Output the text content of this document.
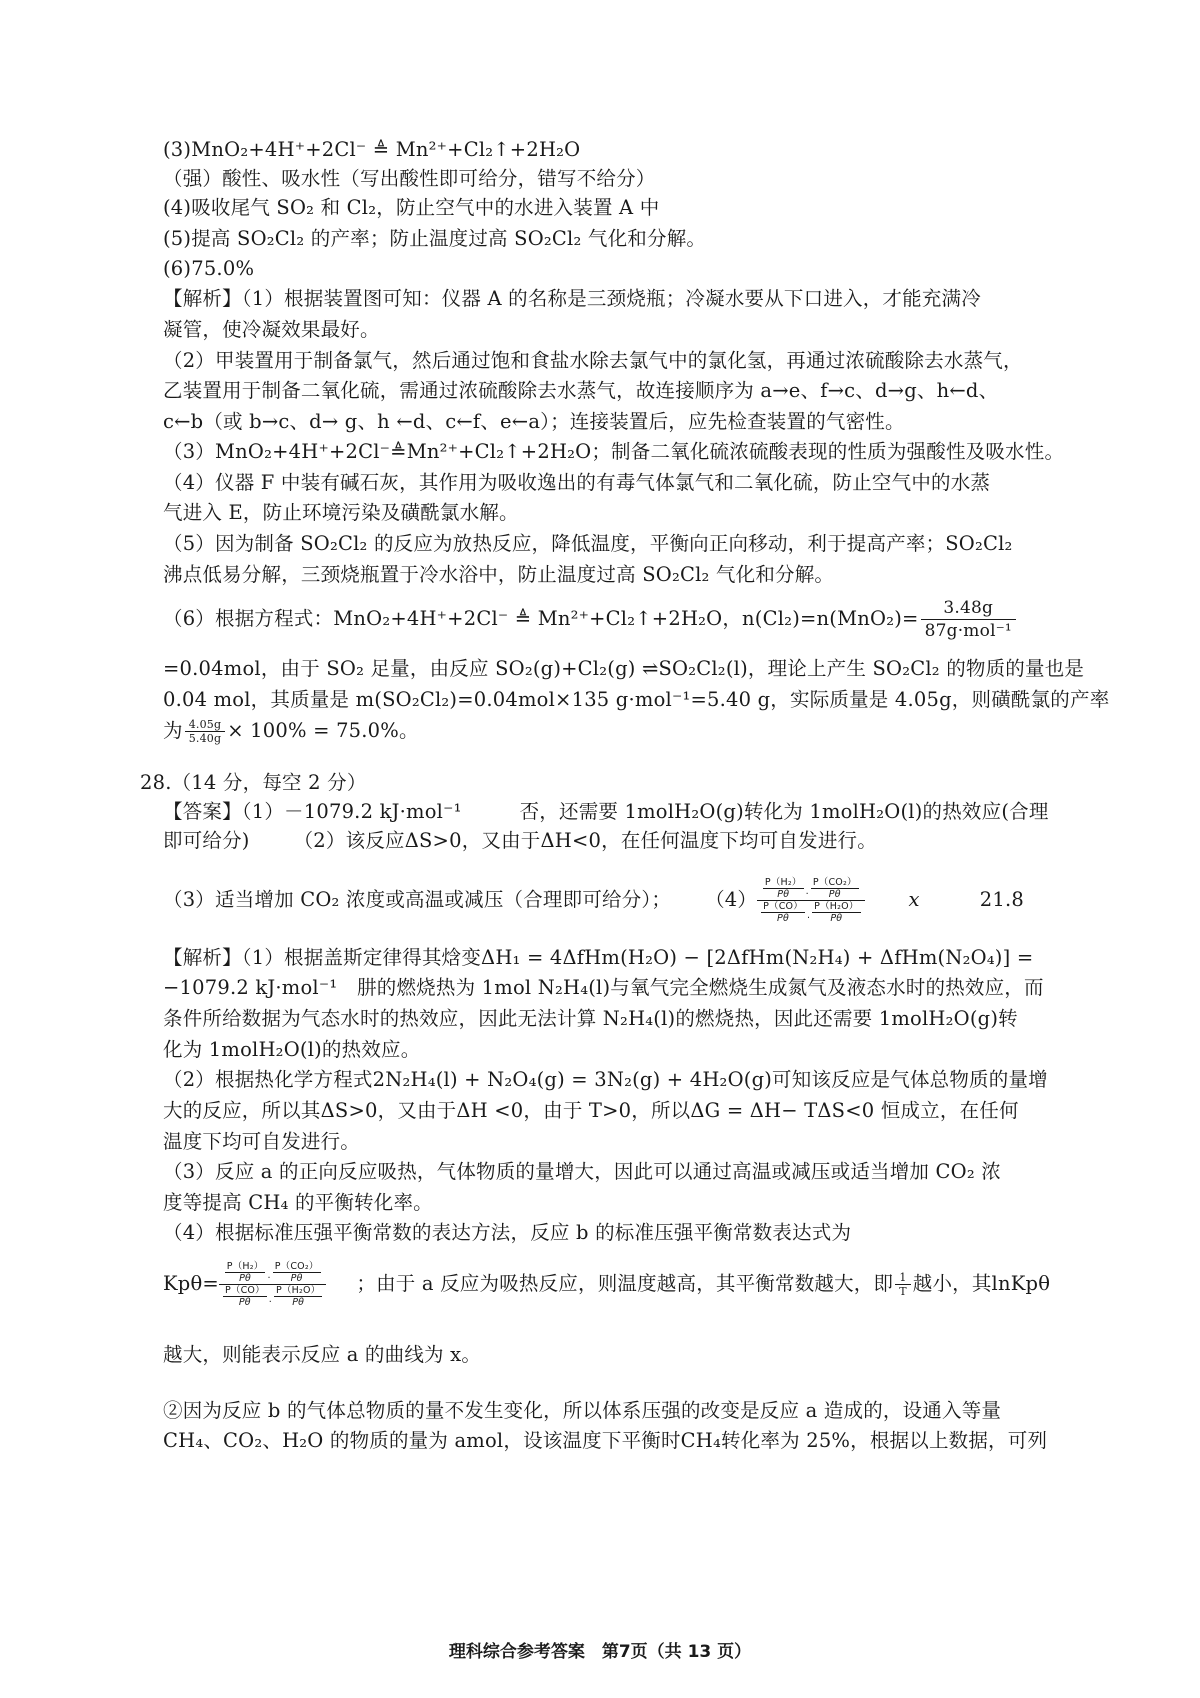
(3)MnO₂+4H⁺+2Cl⁻ ≜ Mn²⁺+Cl₂↑+2H₂O
（强）酸性、吸水性（写出酸性即可给分，错写不给分）
(4)吸收尾气 SO₂ 和 Cl₂，防止空气中的水进入装置 A 中
(5)提高 SO₂Cl₂ 的产率；防止温度过高 SO₂Cl₂ 气化和分解。
(6)75.0%
【解析】（1）根据装置图可知：仪器 A 的名称是三颈烧瓶；冷凝水要从下口进入，才能充满冷
凝管，使冷凝效果最好。
（2）甲装置用于制备氯气，然后通过饱和食盐水除去氯气中的氯化氢，再通过浓硫酸除去水蒸气，
乙装置用于制备二氧化硫，需通过浓硫酸除去水蒸气，故连接顺序为 a→e、f→c、d→g、h←d、
c←b（或 b→c、d→ g、h ←d、c←f、e←a）；连接装置后，应先检查装置的气密性。
（3）MnO₂+4H⁺+2Cl⁻≜Mn²⁺+Cl₂↑+2H₂O；制备二氧化硫浓硫酸表现的性质为强酸性及吸水性。
（4）仪器 F 中装有碱石灰，其作用为吸收逸出的有毒气体氯气和二氧化硫，防止空气中的水蒸
气进入 E，防止环境污染及磺酰氯水解。
（5）因为制备 SO₂Cl₂ 的反应为放热反应，降低温度，平衡向正向移动，利于提高产率；SO₂Cl₂
沸点低易分解，三颈烧瓶置于冷水浴中，防止温度过高 SO₂Cl₂ 气化和分解。
（6）根据方程式：MnO₂+4H⁺+2Cl⁻ ≜ Mn²⁺+Cl₂↑+2H₂O，$n(Cl_2)=n(MnO_2)= \frac{3.48g}{\text{87g·mol⁻¹}}$
=0.04mol，由于 SO₂ 足量，由反应 SO₂(g)+Cl₂(g) ⇌SO₂Cl₂(l)，理论上产生 SO₂Cl₂ 的物质的量也是
0.04 mol，其质量是 m(SO₂Cl₂)=0.04mol×135 g·mol⁻¹=5.40 g，实际质量是 4.05g，则磺酰氯的产率
为 $\frac{4.05g}{5.40g} \times 100\% = 75.0\%$。
28.（14 分，每空 2 分）
【答案】（1）－1079.2 kJ·mol⁻¹	否，还需要 1molH₂O(g)转化为 1molH₂O(l)的热效应(合理
即可给分) （2）该反应ΔS>0，又由于ΔH<0，在任何温度下均可自发进行。
（3）适当增加 CO₂ 浓度或高温或减压（合理即可给分）； $(4) \frac{\frac{\text{P（H₂）}}{P\theta} \cdot \frac{\text{P（CO₂）}}{P\theta}}{\frac{P(CO)}{P\theta} \cdot \frac{\text{P（H₂O）}}{P\theta}}$ x	21.8
【解析】（1）根据盖斯定律得其焓变ΔH₁ = 4ΔfHm(H₂O) − [2ΔfHm(N₂H₄) + ΔfHm(N₂O₄)] =
−1079.2 kJ·mol⁻¹　肼的燃烧热为 1mol N₂H₄(l)与氧气完全燃烧生成氮气及液态水时的热效应，而
条件所给数据为气态水时的热效应，因此无法计算 N₂H₄(l)的燃烧热，因此还需要 1molH₂O(g)转
化为 1molH₂O(l)的热效应。
（2）根据热化学方程式2N₂H₄(l) + N₂O₄(g) = 3N₂(g) + 4H₂O(g)可知该反应是气体总物质的量增
大的反应，所以其ΔS>0，又由于ΔH <0，由于 T>0，所以ΔG = ΔH− TΔS<0 恒成立，在任何
温度下均可自发进行。
（3）反应 a 的正向反应吸热，气体物质的量增大，因此可以通过高温或减压或适当增加 CO₂ 浓
度等提高 CH₄ 的平衡转化率。
（4）根据标准压强平衡常数的表达方法，反应 b 的标准压强平衡常数表达式为
$Kp\theta= \frac{\frac{\text{P（H₂）}}{P\theta} \cdot \frac{\text{P（CO₂）}}{P\theta}}{\frac{P(CO)}{P\theta} \cdot \frac{\text{P（H₂O）}}{P\theta}}$ ；由于 a 反应为吸热反应，则温度越高，其平衡常数越大，即 $\frac{1}{T}$ 越小，其lnKpθ
越大，则能表示反应 a 的曲线为 x。
②因为反应 b 的气体总物质的量不发生变化，所以体系压强的改变是反应 a 造成的，设通入等量
CH₄、CO₂、H₂O 的物质的量为 amol，设该温度下平衡时CH₄转化率为 25%，根据以上数据，可列
理科综合参考答案　第7页（共 13 页）
